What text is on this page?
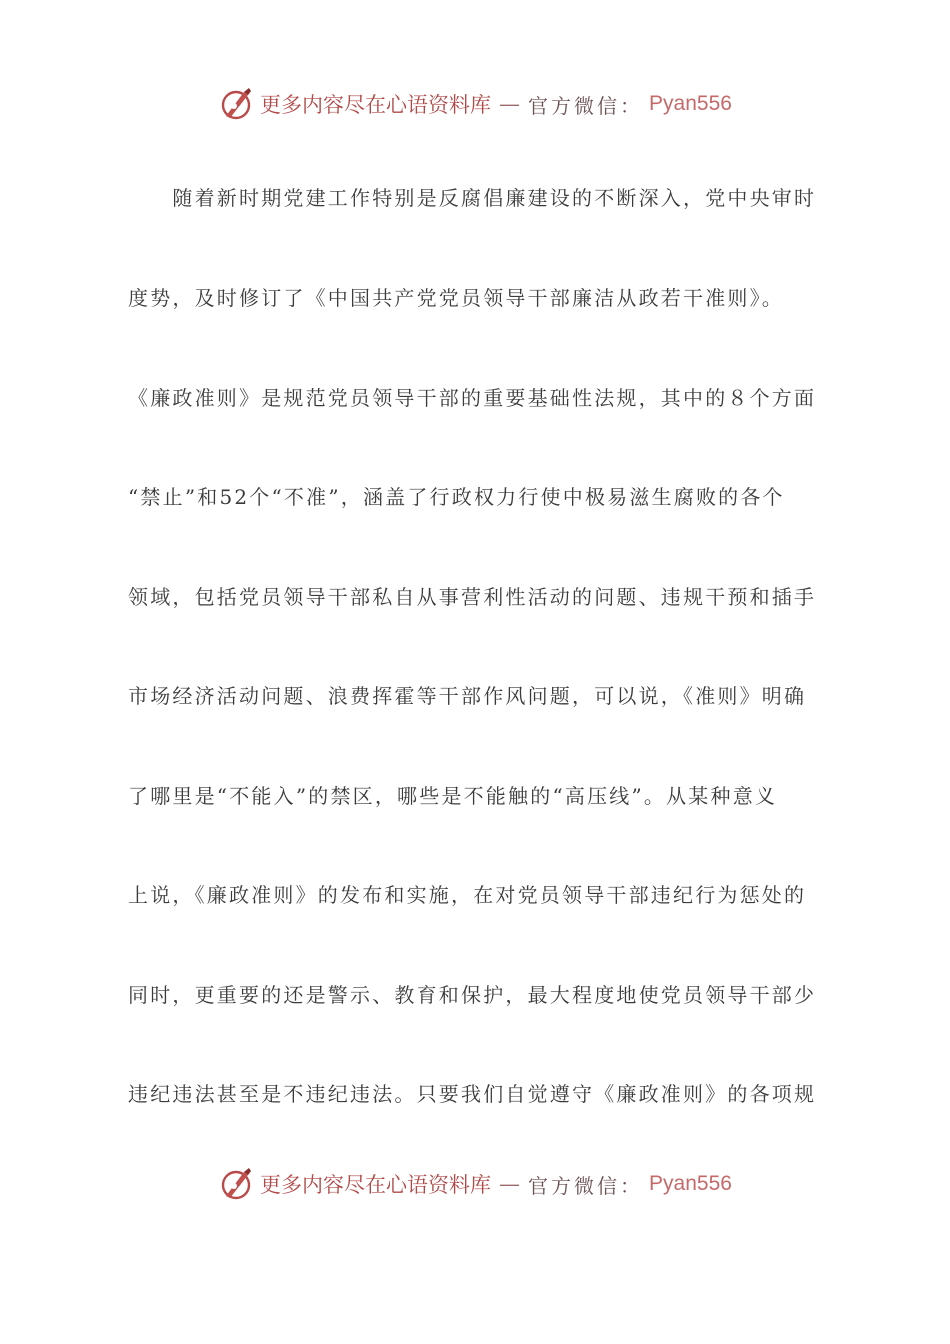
更多内容尽在心语资料库 — 官方微信： Pyan556
　　随着新时期党建工作特别是反腐倡廉建设的不断深入，党中央审时
度势，及时修订了《中国共产党党员领导干部廉洁从政若干准则》。
《廉政准则》是规范党员领导干部的重要基础性法规，其中的８个方面
“禁止”和52个“不准”，涵盖了行政权力行使中极易滋生腐败的各个
领域，包括党员领导干部私自从事营利性活动的问题、违规干预和插手
市场经济活动问题、浪费挥霍等干部作风问题，可以说，《准则》明确
了哪里是“不能入”的禁区，哪些是不能触的“高压线”。从某种意义
上说，《廉政准则》的发布和实施，在对党员领导干部违纪行为惩处的
同时，更重要的还是警示、教育和保护，最大程度地使党员领导干部少
违纪违法甚至是不违纪违法。只要我们自觉遵守《廉政准则》的各项规
更多内容尽在心语资料库 — 官方微信： Pyan556
